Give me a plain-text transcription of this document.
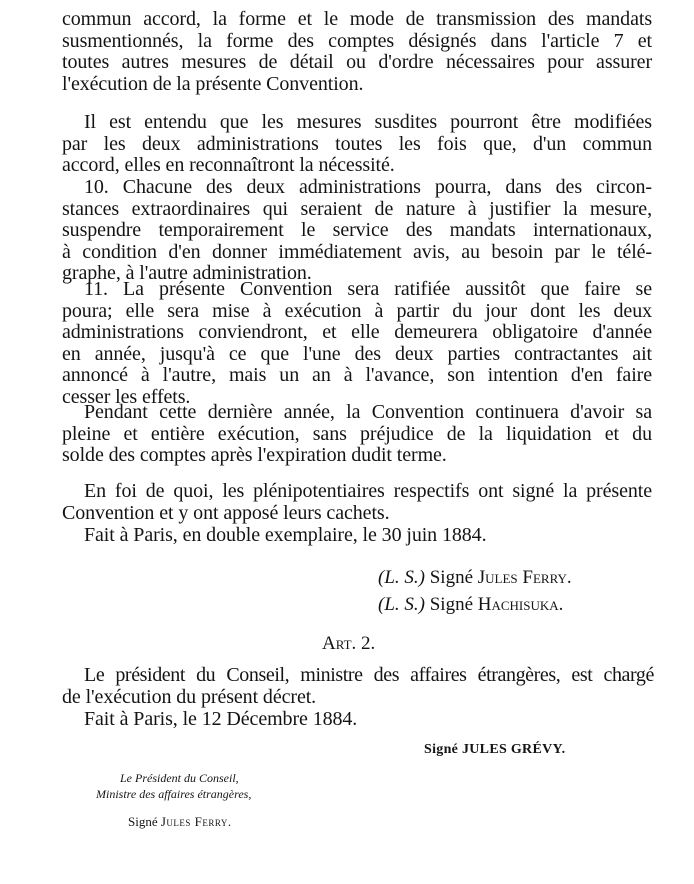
commun accord, la forme et le mode de transmission des mandats
susmentionnés, la forme des comptes désignés dans l'article 7 et
toutes autres mesures de détail ou d'ordre nécessaires pour assurer
l'exécution de la présente Convention.
Il est entendu que les mesures susdites pourront être modifiées
par les deux administrations toutes les fois que, d'un commun
accord, elles en reconnaîtront la nécessité.
10. Chacune des deux administrations pourra, dans des circon-
stances extraordinaires qui seraient de nature à justifier la mesure,
suspendre temporairement le service des mandats internationaux,
à condition d'en donner immédiatement avis, au besoin par le télé-
graphe, à l'autre administration.
11. La présente Convention sera ratifiée aussitôt que faire se
poura; elle sera mise à exécution à partir du jour dont les deux
administrations conviendront, et elle demeurera obligatoire d'année
en année, jusqu'à ce que l'une des deux parties contractantes ait
annoncé à l'autre, mais un an à l'avance, son intention d'en faire
cesser les effets.
Pendant cette dernière année, la Convention continuera d'avoir sa
pleine et entière exécution, sans préjudice de la liquidation et du
solde des comptes après l'expiration dudit terme.
En foi de quoi, les plénipotentiaires respectifs ont signé la présente
Convention et y ont apposé leurs cachets.
Fait à Paris, en double exemplaire, le 30 juin 1884.
(L. S.) Signé Jules Ferry.
(L. S.) Signé Hachisuka.
Art. 2.
Le président du Conseil, ministre des affaires étrangères, est chargé
de l'exécution du présent décret.
Fait à Paris, le 12 Décembre 1884.
Signé JULES GRÉVY.
Le Président du Conseil,
Ministre des affaires étrangères,
Signé Jules Ferry.
